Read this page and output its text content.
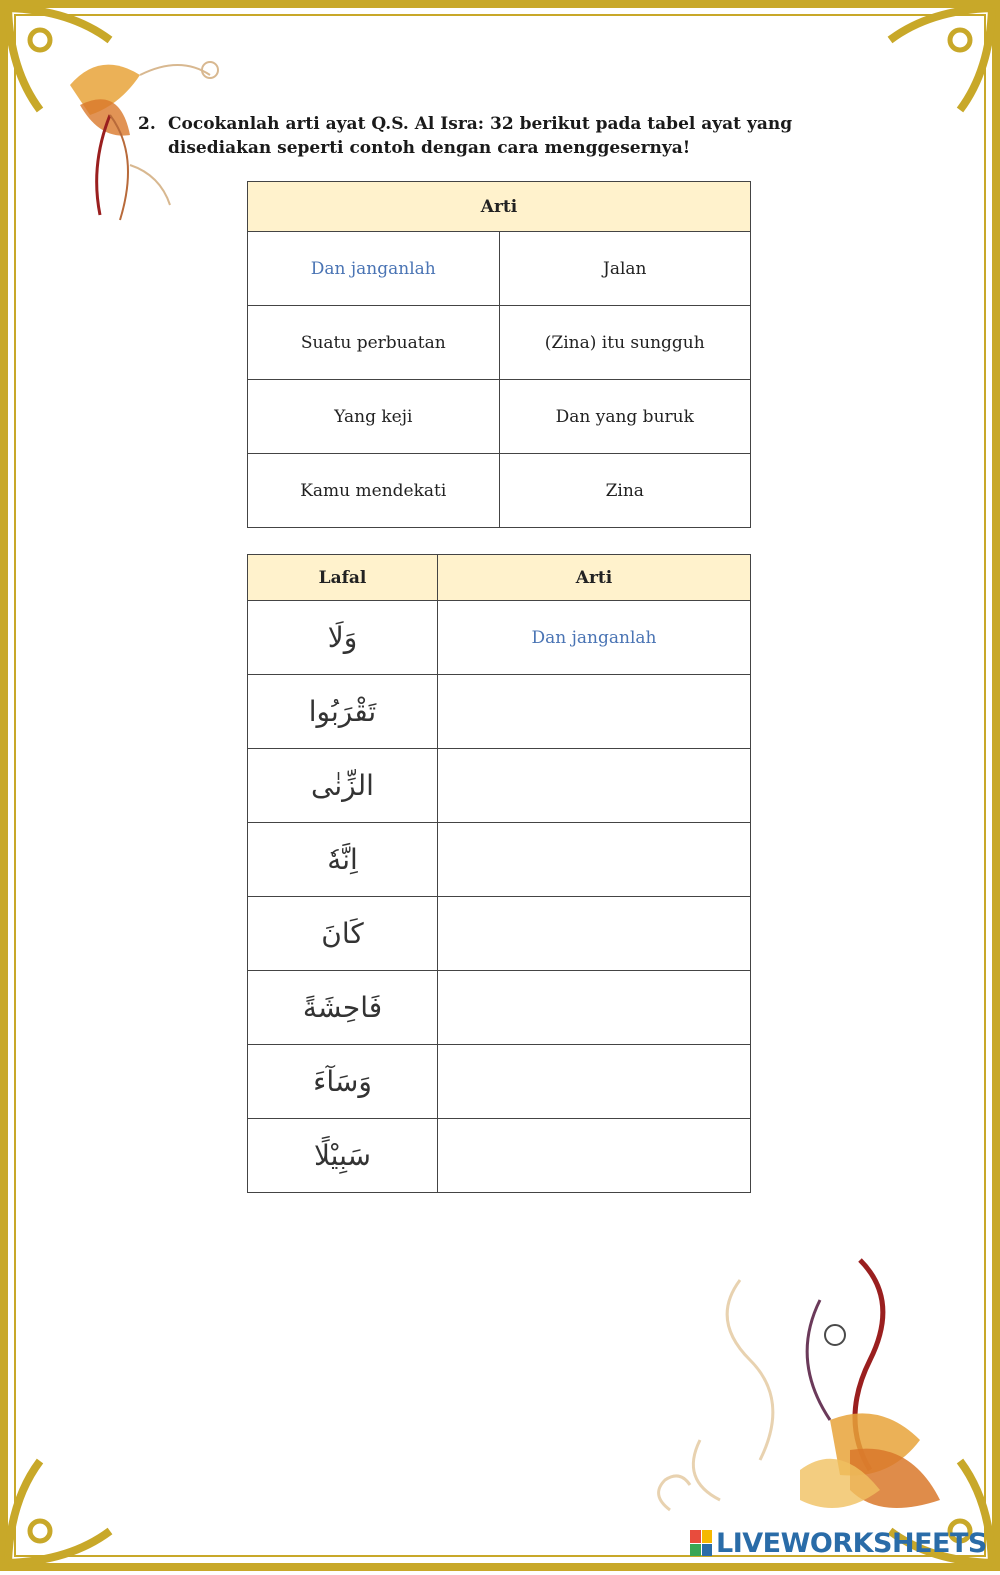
2. Cocokanlah arti ayat Q.S. Al Isra: 32 berikut pada tabel ayat yang disediakan seperti contoh dengan cara menggesernya!
Arti	
Dan janganlah	Jalan
Suatu perbuatan	(Zina) itu sungguh
Yang keji	Dan yang buruk
Kamu mendekati	Zina
Lafal	Arti
وَلَا	Dan janganlah
تَقْرَبُوا	
الزِّنٰى	
اِنَّهٗ	
كَانَ	
فَاحِشَةً	
وَسَآءَ	
سَبِيْلًا	
LIVEWORKSHEETS
